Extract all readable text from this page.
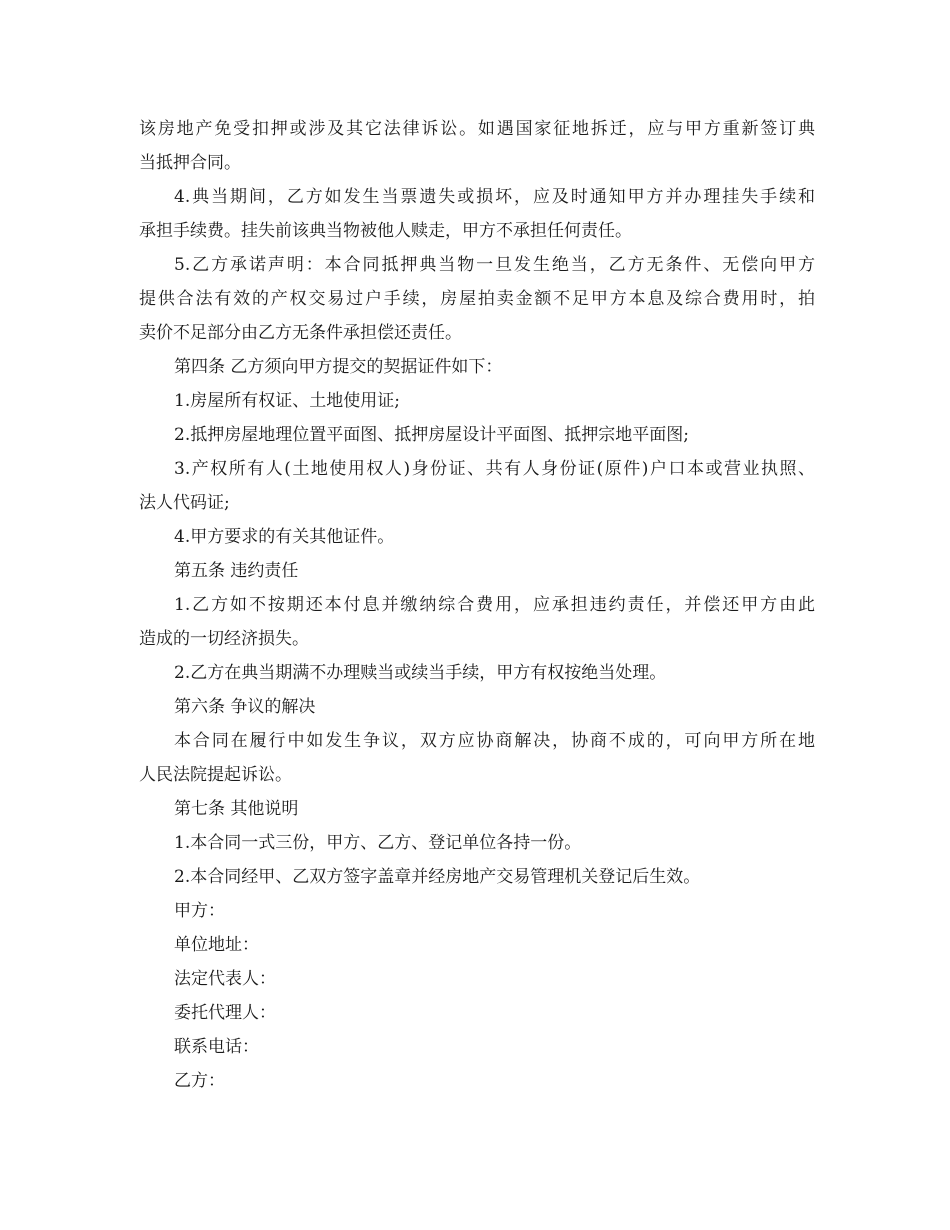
该房地产免受扣押或涉及其它法律诉讼。如遇国家征地拆迁，应与甲方重新签订典
当抵押合同。
4.典当期间，乙方如发生当票遗失或损坏，应及时通知甲方并办理挂失手续和
承担手续费。挂失前该典当物被他人赎走，甲方不承担任何责任。
5.乙方承诺声明：本合同抵押典当物一旦发生绝当，乙方无条件、无偿向甲方
提供合法有效的产权交易过户手续，房屋拍卖金额不足甲方本息及综合费用时，拍
卖价不足部分由乙方无条件承担偿还责任。
第四条 乙方须向甲方提交的契据证件如下：
1.房屋所有权证、土地使用证;
2.抵押房屋地理位置平面图、抵押房屋设计平面图、抵押宗地平面图;
3.产权所有人(土地使用权人)身份证、共有人身份证(原件)户口本或营业执照、
法人代码证;
4.甲方要求的有关其他证件。
第五条 违约责任
1.乙方如不按期还本付息并缴纳综合费用，应承担违约责任，并偿还甲方由此
造成的一切经济损失。
2.乙方在典当期满不办理赎当或续当手续，甲方有权按绝当处理。
第六条 争议的解决
本合同在履行中如发生争议，双方应协商解决，协商不成的，可向甲方所在地
人民法院提起诉讼。
第七条 其他说明
1.本合同一式三份，甲方、乙方、登记单位各持一份。
2.本合同经甲、乙双方签字盖章并经房地产交易管理机关登记后生效。
甲方：
单位地址：
法定代表人：
委托代理人：
联系电话：
乙方：
